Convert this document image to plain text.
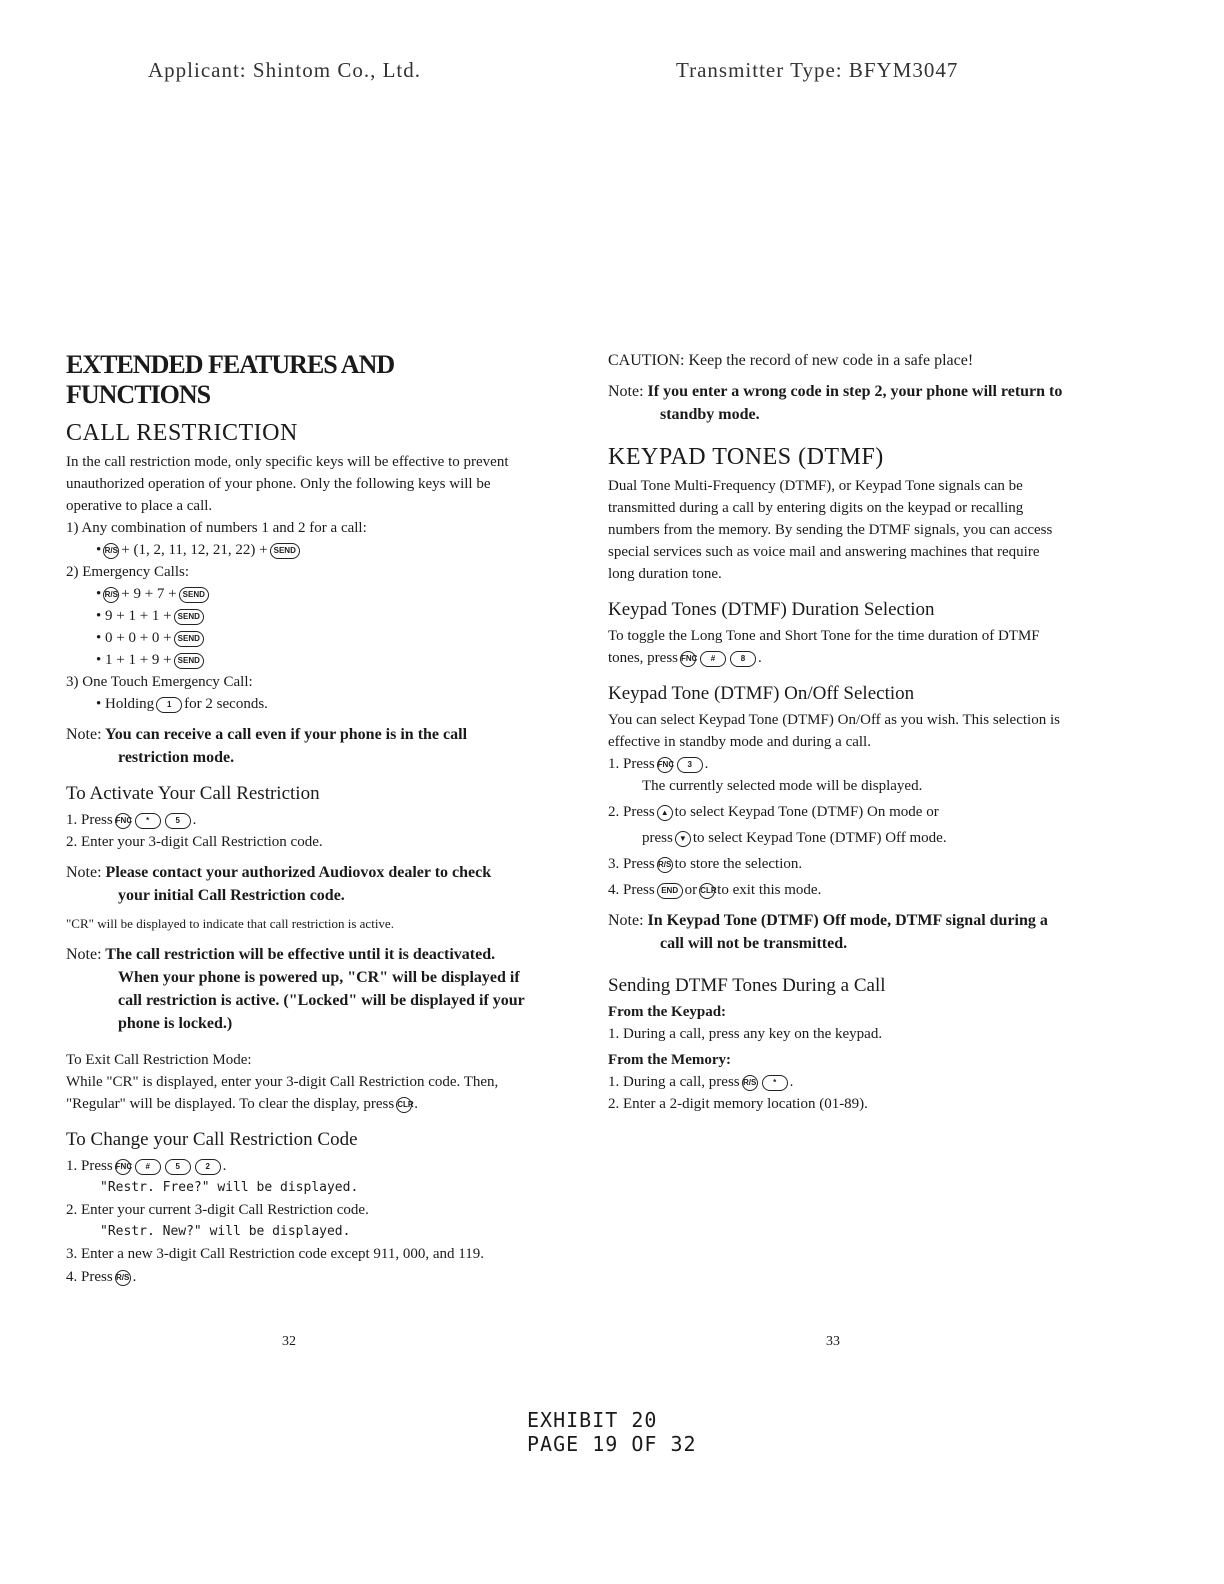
Applicant: Shintom Co., Ltd.	Transmitter Type: BFYM3047
EXTENDED FEATURES AND FUNCTIONS
CALL RESTRICTION

In the call restriction mode, only specific keys will be effective to prevent unauthorized operation of your phone. Only the following keys will be operative to place a call.

1) Any combination of numbers 1 and 2 for a call:
• R/S + (1, 2, 11, 12, 21, 22) + SEND
2) Emergency Calls:
• R/S + 9 + 7 + SEND
• 9 + 1 + 1 + SEND
• 0 + 0 + 0 + SEND
• 1 + 1 + 9 + SEND
3) One Touch Emergency Call:
• Holding 1 for 2 seconds.
Note: You can receive a call even if your phone is in the call restriction mode.
To Activate Your Call Restriction
1. Press FNC *	5 .
2. Enter your 3-digit Call Restriction code.
Note: Please contact your authorized Audiovox dealer to check your initial Call Restriction code.
"CR" will be displayed to indicate that call restriction is active.
Note: The call restriction will be effective until it is deactivated. When your phone is powered up, "CR" will be displayed if call restriction is active. ("Locked" will be displayed if your phone is locked.)
To Exit Call Restriction Mode:

While "CR" is displayed, enter your 3-digit Call Restriction code. Then, "Regular" will be displayed. To clear the display, press CLR.

To Change your Call Restriction Code
1. Press FNC #	5	2 .
"Restr. Free?" will be displayed.
2. Enter your current 3-digit Call Restriction code.
"Restr. New?" will be displayed.
3. Enter a new 3-digit Call Restriction code except 911, 000, and 119.
4. Press R/S .
32
CAUTION: Keep the record of new code in a safe place!
Note: If you enter a wrong code in step 2, your phone will return to standby mode.
KEYPAD TONES (DTMF)

Dual Tone Multi-Frequency (DTMF), or Keypad Tone signals can be transmitted during a call by entering digits on the keypad or recalling numbers from the memory. By sending the DTMF signals, you can access special services such as voice mail and answering machines that require long duration tone.

Keypad Tones (DTMF) Duration Selection

To toggle the Long Tone and Short Tone for the time duration of DTMF tones, press FNC #	8 .

Keypad Tone (DTMF) On/Off Selection

You can select Keypad Tone (DTMF) On/Off as you wish. This selection is effective in standby mode and during a call.

1. Press FNC 3 .
The currently selected mode will be displayed.
2. Press ▲ to select Keypad Tone (DTMF) On mode or
press ▼ to select Keypad Tone (DTMF) Off mode.
3. Press R/S to store the selection.
4. Press END or CLRto exit this mode.
Note: In Keypad Tone (DTMF) Off mode, DTMF signal during a call will not be transmitted.
Sending DTMF Tones During a Call
From the Keypad:
1. During a call, press any key on the keypad.
From the Memory:
1. During a call, press R/S * .
2. Enter a 2-digit memory location (01-89).
33
EXHIBIT 20
PAGE 19 OF 32
